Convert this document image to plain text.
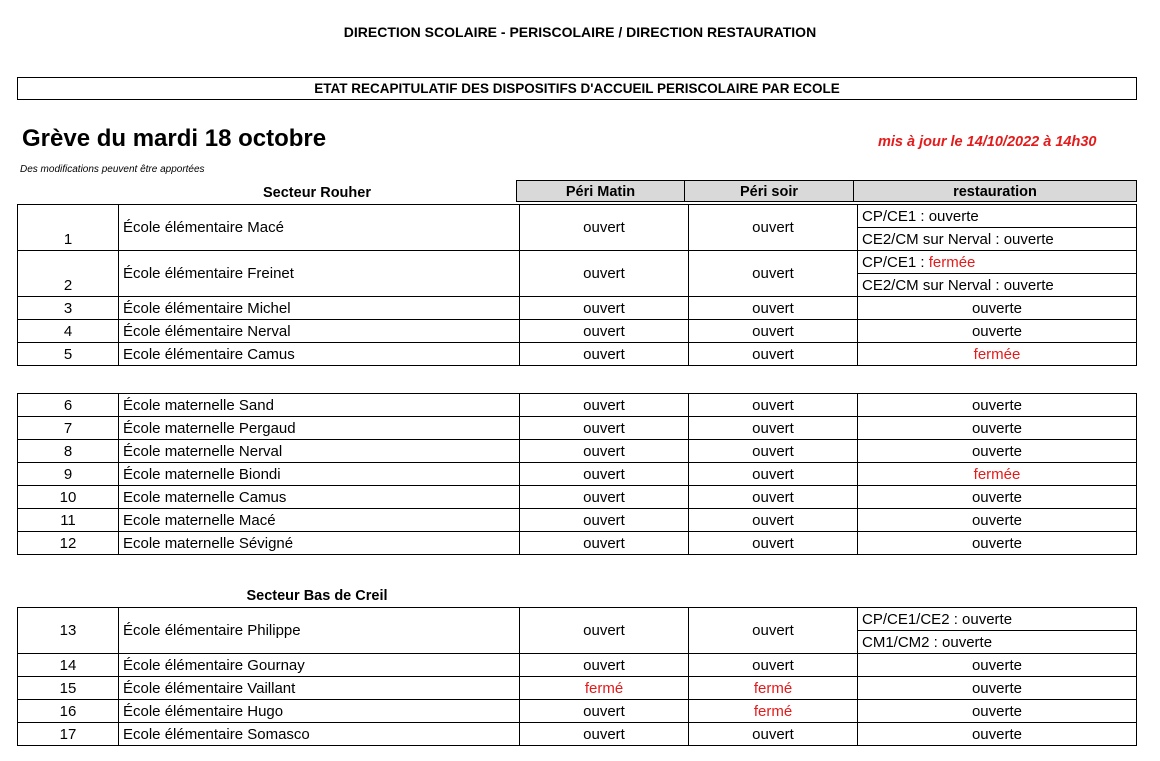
DIRECTION SCOLAIRE - PERISCOLAIRE / DIRECTION RESTAURATION
ETAT RECAPITULATIF DES DISPOSITIFS D'ACCUEIL PERISCOLAIRE PAR ECOLE
Grève du mardi 18 octobre	mis à jour le 14/10/2022 à 14h30
Des modifications peuvent être apportées
Secteur Rouher	Péri Matin	Péri soir	restauration
1	École élémentaire Macé	ouvert	ouvert	CP/CE1 : ouverte
				CE2/CM sur Nerval : ouverte
2	École élémentaire Freinet	ouvert	ouvert	CP/CE1 : fermée
				CE2/CM sur Nerval : ouverte
3	École élémentaire Michel	ouvert	ouvert	ouverte
4	École élémentaire Nerval	ouvert	ouvert	ouverte
5	Ecole élémentaire Camus	ouvert	ouvert	fermée
6	École maternelle Sand	ouvert	ouvert	ouverte
7	École maternelle Pergaud	ouvert	ouvert	ouverte
8	École maternelle Nerval	ouvert	ouvert	ouverte
9	École maternelle Biondi	ouvert	ouvert	fermée
10	Ecole maternelle Camus	ouvert	ouvert	ouverte
11	Ecole maternelle Macé	ouvert	ouvert	ouverte
12	Ecole maternelle Sévigné	ouvert	ouvert	ouverte
Secteur Bas de Creil
13	École élémentaire Philippe	ouvert	ouvert	CP/CE1/CE2 : ouverte
				CM1/CM2 : ouverte
14	École élémentaire Gournay	ouvert	ouvert	ouverte
15	École élémentaire Vaillant	fermé	fermé	ouverte
16	École élémentaire Hugo	ouvert	fermé	ouverte
17	Ecole élémentaire Somasco	ouvert	ouvert	ouverte
